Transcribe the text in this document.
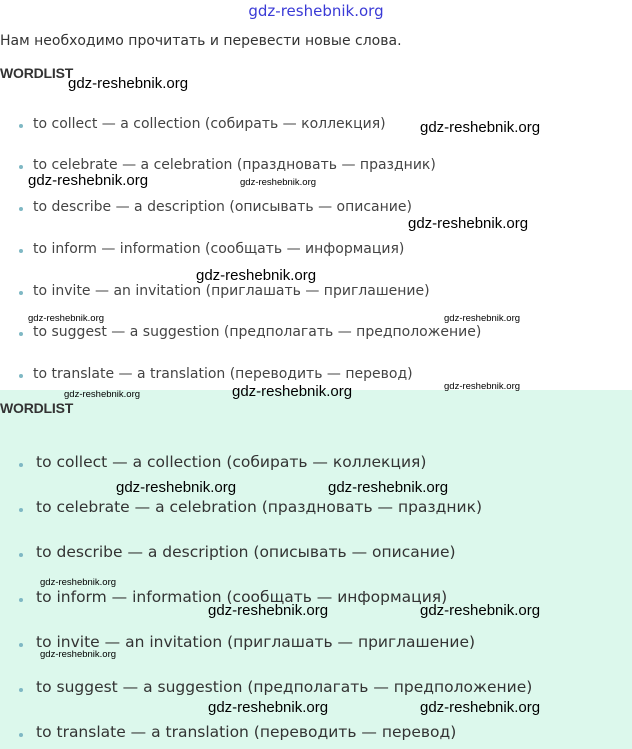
gdz-reshebnik.org
Нам необходимо прочитать и перевести новые слова.
WORDLIST
to collect — a collection (собирать — коллекция)
to celebrate — a celebration (праздновать — праздник)
to describe — a description (описывать — описание)
to inform — information (сообщать — информация)
to invite — an invitation (приглашать — приглашение)
to suggest — a suggestion (предполагать — предположение)
to translate — a translation (переводить — перевод)
WORDLIST
to collect — a collection (собирать — коллекция)
to celebrate — a celebration (праздновать — праздник)
to describe — a description (описывать — описание)
to inform — information (сообщать — информация)
to invite — an invitation (приглашать — приглашение)
to suggest — a suggestion (предполагать — предположение)
to translate — a translation (переводить — перевод)
gdz-reshebnik.org
gdz-reshebnik.org
gdz-reshebnik.org	gdz-reshebnik.org
gdz-reshebnik.org
gdz-reshebnik.org
gdz-reshebnik.org	gdz-reshebnik.org
gdz-reshebnik.org
gdz-reshebnik.org	gdz-reshebnik.org
gdz-reshebnik.org	gdz-reshebnik.org
gdz-reshebnik.org
gdz-reshebnik.org	gdz-reshebnik.org
gdz-reshebnik.org
gdz-reshebnik.org	gdz-reshebnik.org
